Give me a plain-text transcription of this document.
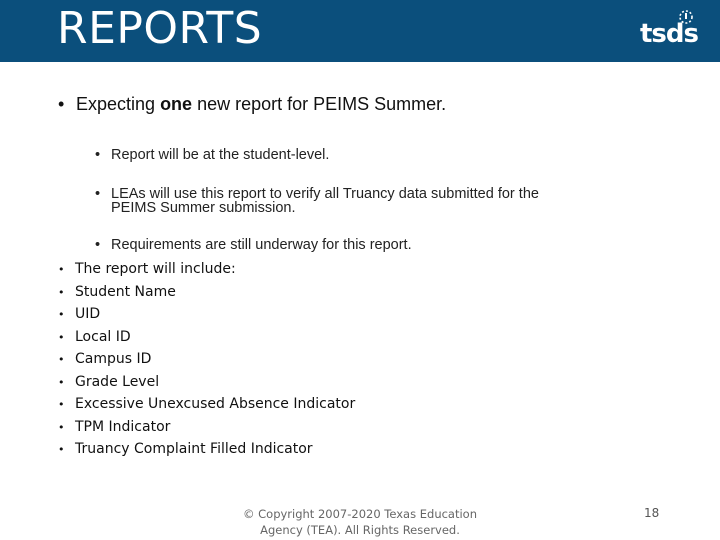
REPORTS	tsds
• Expecting one new report for PEIMS Summer.
• Report will be at the student-level.
• LEAs will use this report to verify all Truancy data submitted for the
PEIMS Summer submission.
• Requirements are still underway for this report.
• The report will include:
• Student Name
• UID
• Local ID
• Campus ID
• Grade Level
• Excessive Unexcused Absence Indicator
• TPM Indicator
• Truancy Complaint Filled Indicator
© Copyright 2007-2020 Texas Education
Agency (TEA). All Rights Reserved.
18
